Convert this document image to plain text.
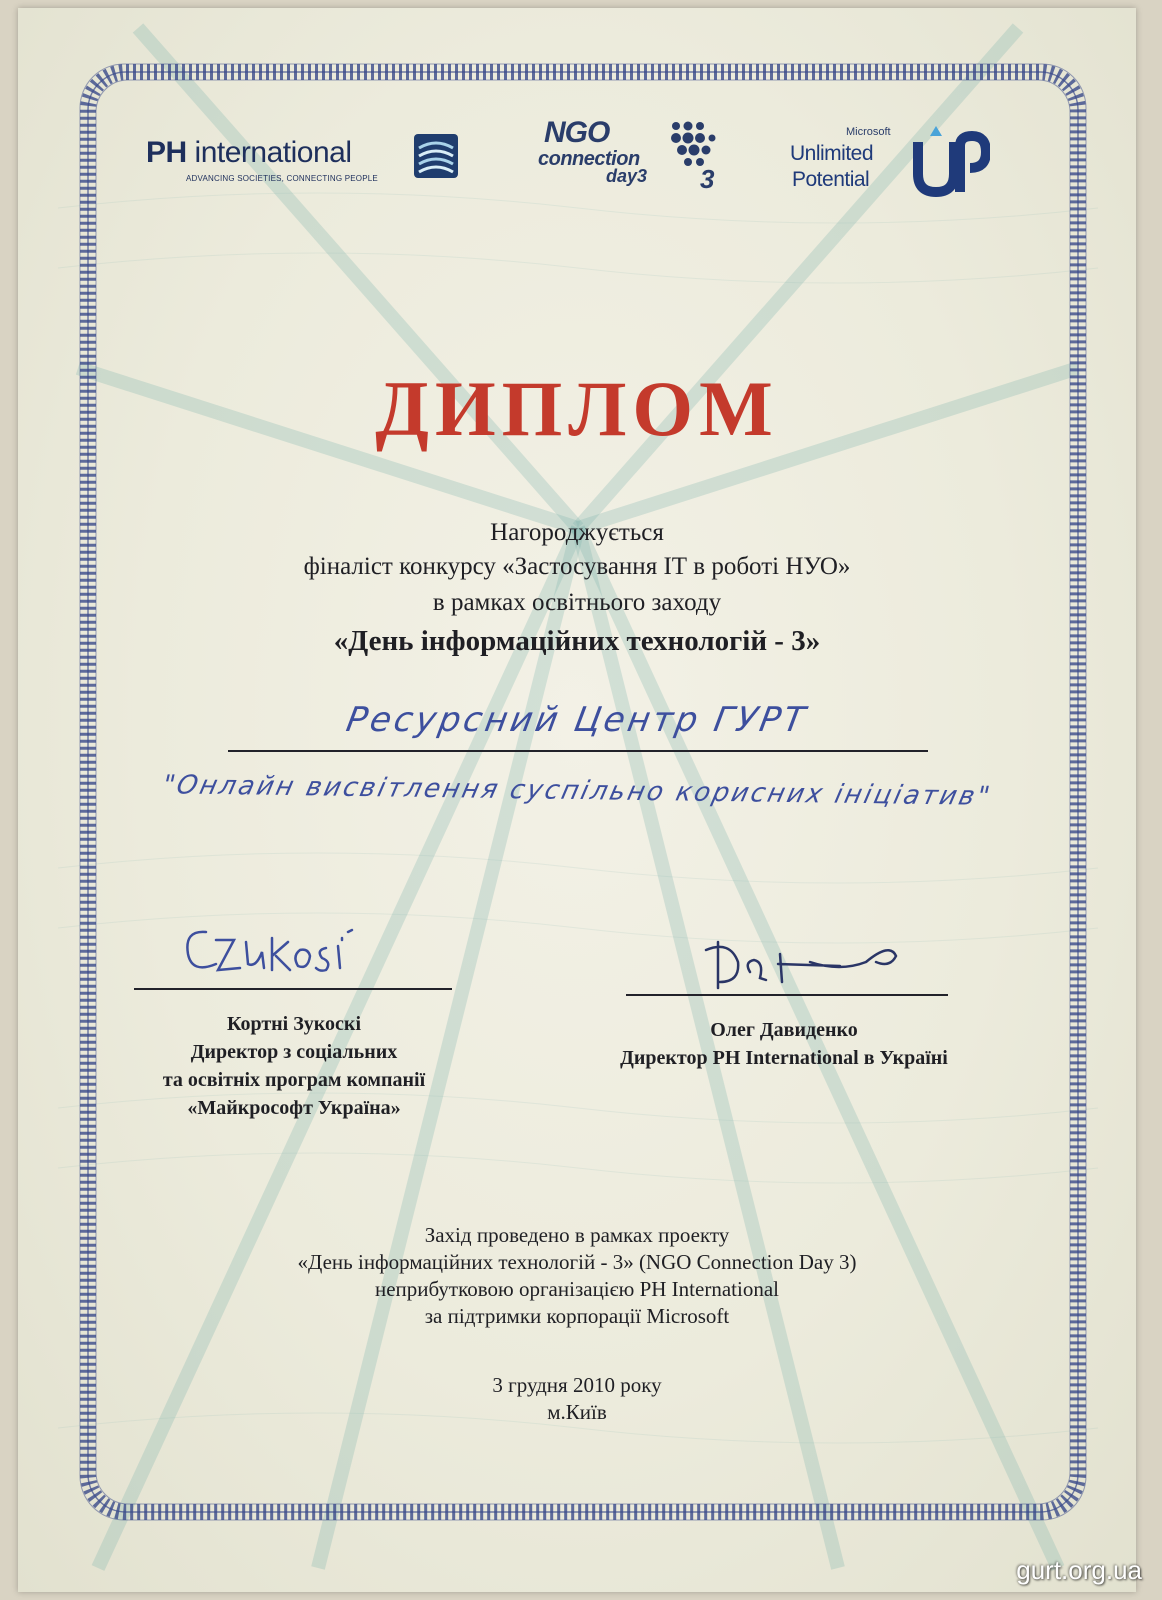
PH international
ADVANCING SOCIETIES, CONNECTING PEOPLE
NGO
connection
day3 3
Microsoft
Unlimited
Potential
ДИПЛОМ
Нагороджується
фіналіст конкурсу «Застосування ІТ в роботі НУО»
в рамках освітнього заходу
«День інформаційних технологій - 3»
Ресурсний Центр ГУРТ
"Онлайн висвітлення суспільно корисних ініціатив"
Кортні Зукоскі
Директор з соціальних
та освітніх програм компанії
«Майкрософт Україна»
Олег Давиденко
Директор PH International в Україні
Захід проведено в рамках проекту
«День інформаційних технологій - 3» (NGO Connection Day 3)
неприбутковою організацією PH International
за підтримки корпорації Microsoft
3 грудня 2010 року
м.Київ
gurt.org.ua
